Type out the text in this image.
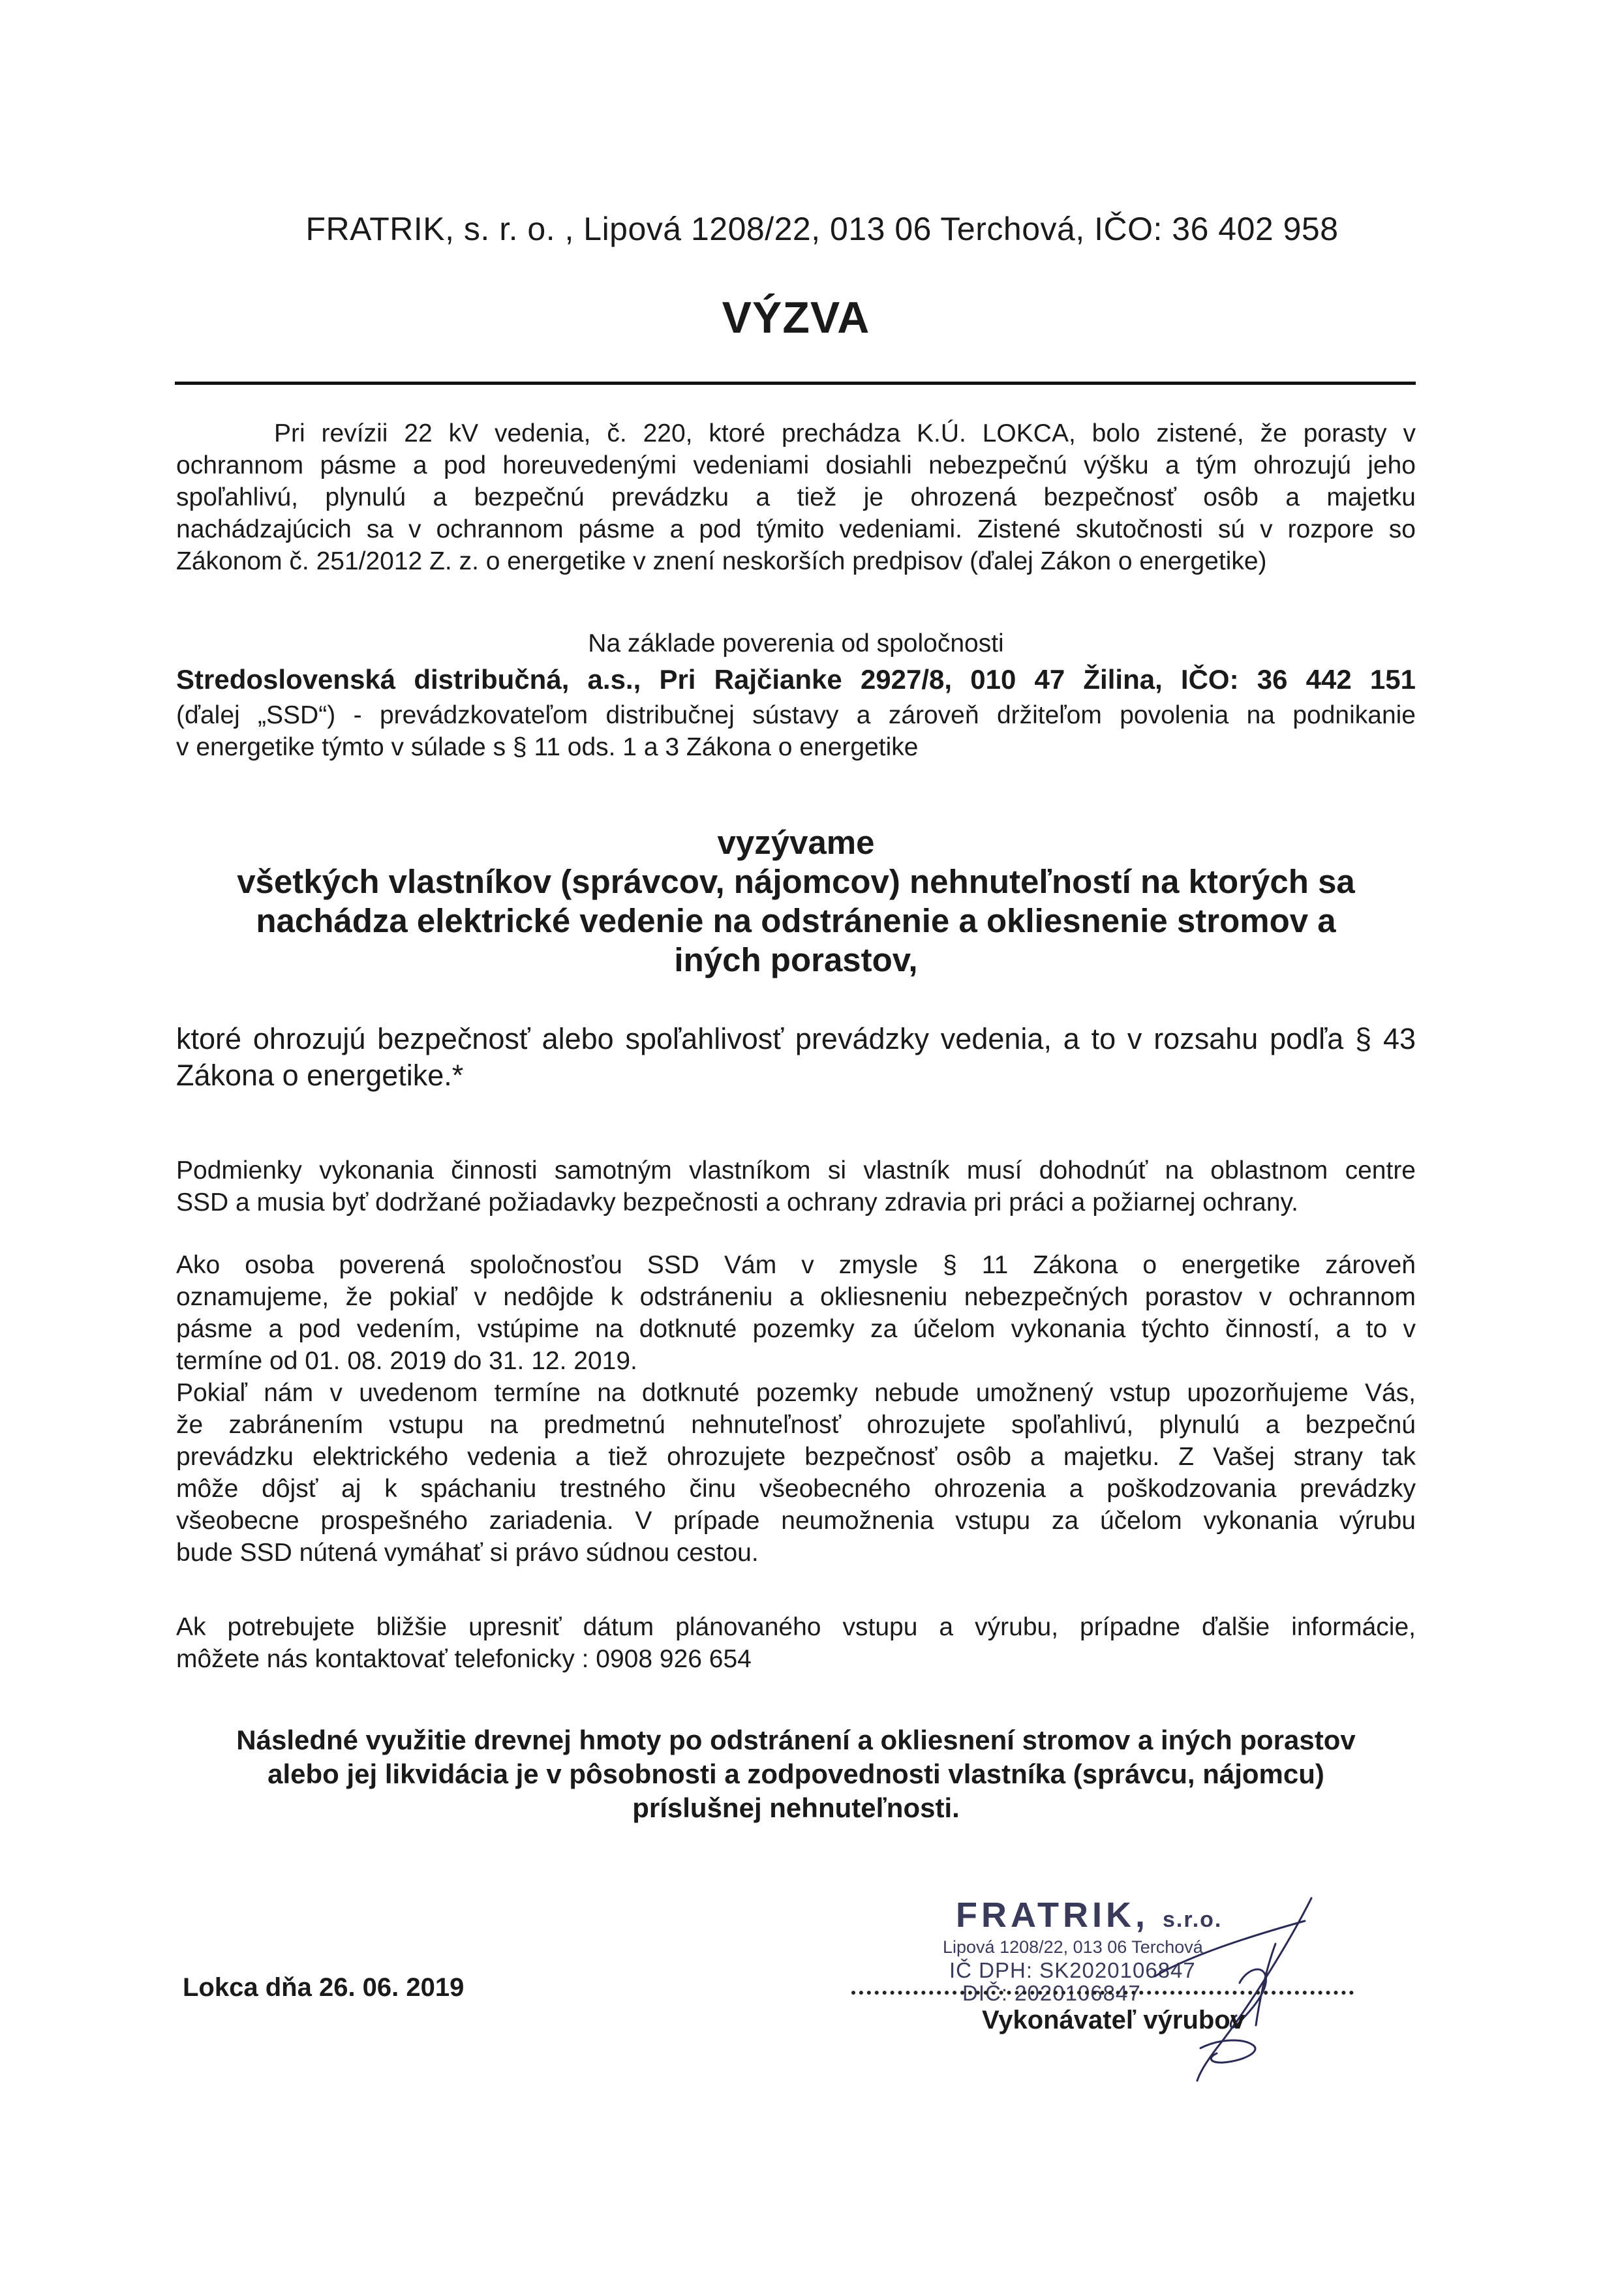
FRATRIK, s. r. o. , Lipová 1208/22, 013 06 Terchová, IČO: 36 402 958
VÝZVA
Pri revízii 22 kV vedenia, č. 220, ktoré prechádza K.Ú. LOKCA, bolo zistené, že porasty v
ochrannom pásme a pod horeuvedenými vedeniami dosiahli nebezpečnú výšku a tým ohrozujú jeho
spoľahlivú, plynulú a bezpečnú prevádzku a tiež je ohrozená bezpečnosť osôb a majetku
nachádzajúcich sa v ochrannom pásme a pod týmito vedeniami. Zistené skutočnosti sú v rozpore so
Zákonom č. 251/2012 Z. z. o energetike v znení neskorších predpisov (ďalej Zákon o energetike)
Na základe poverenia od spoločnosti
Stredoslovenská distribučná, a.s., Pri Rajčianke 2927/8, 010 47 Žilina, IČO: 36 442 151
(ďalej „SSD“) - prevádzkovateľom distribučnej sústavy a zároveň držiteľom povolenia na podnikanie
v energetike týmto v súlade s § 11 ods. 1 a 3 Zákona o energetike
vyzývame
všetkých vlastníkov (správcov, nájomcov) nehnuteľností na ktorých sa
nachádza elektrické vedenie na odstránenie a okliesnenie stromov a
iných porastov,
ktoré ohrozujú bezpečnosť alebo spoľahlivosť prevádzky vedenia, a to v rozsahu podľa § 43
Zákona o energetike.*
Podmienky vykonania činnosti samotným vlastníkom si vlastník musí dohodnúť na oblastnom centre
SSD a musia byť dodržané požiadavky bezpečnosti a ochrany zdravia pri práci a požiarnej ochrany.
Ako osoba poverená spoločnosťou SSD Vám v zmysle § 11 Zákona o energetike zároveň
oznamujeme, že pokiaľ v nedôjde k odstráneniu a okliesneniu nebezpečných porastov v ochrannom
pásme a pod vedením, vstúpime na dotknuté pozemky za účelom vykonania týchto činností, a to v
termíne od 01. 08. 2019 do 31. 12. 2019.
Pokiaľ nám v uvedenom termíne na dotknuté pozemky nebude umožnený vstup upozorňujeme Vás,
že zabránením vstupu na predmetnú nehnuteľnosť ohrozujete spoľahlivú, plynulú a bezpečnú
prevádzku elektrického vedenia a tiež ohrozujete bezpečnosť osôb a majetku. Z Vašej strany tak
môže dôjsť aj k spáchaniu trestného činu všeobecného ohrozenia a poškodzovania prevádzky
všeobecne prospešného zariadenia. V prípade neumožnenia vstupu za účelom vykonania výrubu
bude SSD nútená vymáhať si právo súdnou cestou.
Ak potrebujete bližšie upresniť dátum plánovaného vstupu a výrubu, prípadne ďalšie informácie,
môžete nás kontaktovať telefonicky : 0908 926 654
Následné využitie drevnej hmoty po odstránení a okliesnení stromov a iných porastov
alebo jej likvidácia je v pôsobnosti a zodpovednosti vlastníka (správcu, nájomcu)
príslušnej nehnuteľnosti.
Lokca dňa 26. 06. 2019
FRATRIK, s.r.o.
Lipová 1208/22, 013 06 Terchová
IČ DPH: SK2020106847
DIČ: 2020106847
Vykonávateľ výrubov
